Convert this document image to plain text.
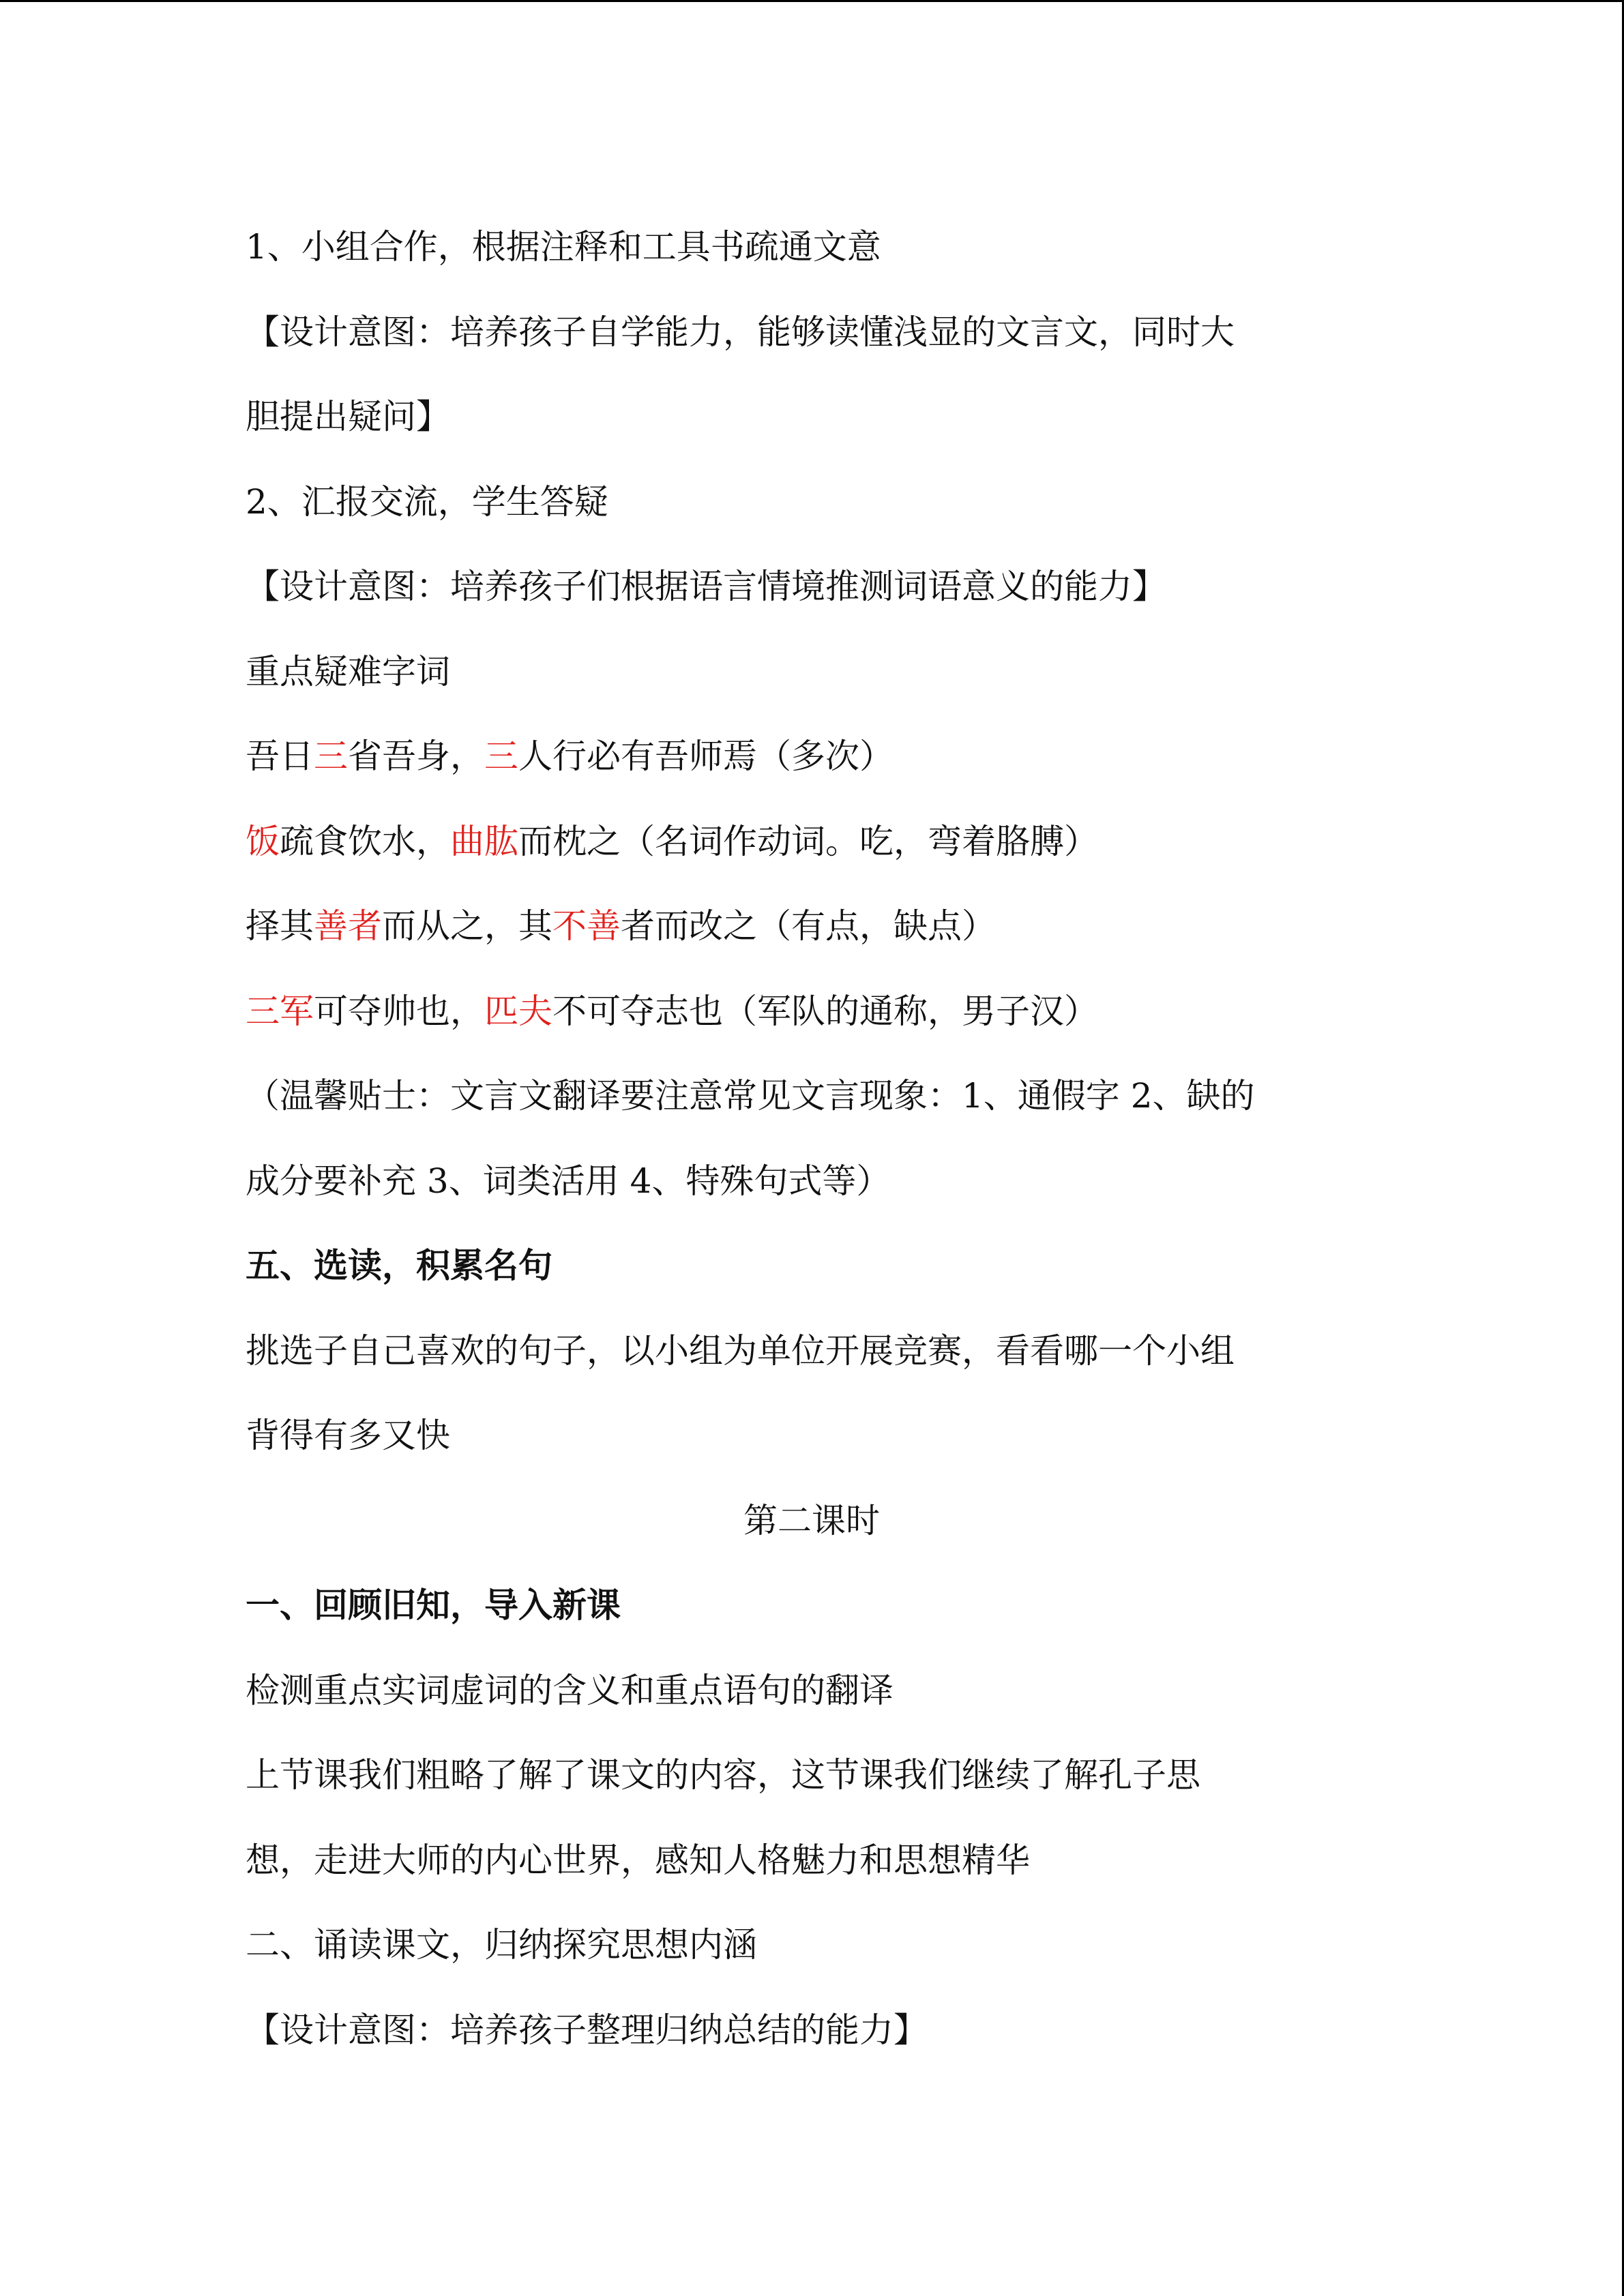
1、小组合作，根据注释和工具书疏通文意
【设计意图：培养孩子自学能力，能够读懂浅显的文言文，同时大
胆提出疑问】
2、汇报交流，学生答疑
【设计意图：培养孩子们根据语言情境推测词语意义的能力】
重点疑难字词
吾日三省吾身，三人行必有吾师焉（多次）
饭疏食饮水，曲肱而枕之（名词作动词。吃，弯着胳膊）
择其善者而从之，其不善者而改之（有点，缺点）
三军可夺帅也，匹夫不可夺志也（军队的通称，男子汉）
（温馨贴士：文言文翻译要注意常见文言现象：1、通假字 2、缺的
成分要补充 3、词类活用 4、特殊句式等）
五、选读，积累名句
挑选子自己喜欢的句子，以小组为单位开展竞赛，看看哪一个小组
背得有多又快
第二课时
一、回顾旧知，导入新课
检测重点实词虚词的含义和重点语句的翻译
上节课我们粗略了解了课文的内容，这节课我们继续了解孔子思
想，走进大师的内心世界，感知人格魅力和思想精华
二、诵读课文，归纳探究思想内涵
【设计意图：培养孩子整理归纳总结的能力】
